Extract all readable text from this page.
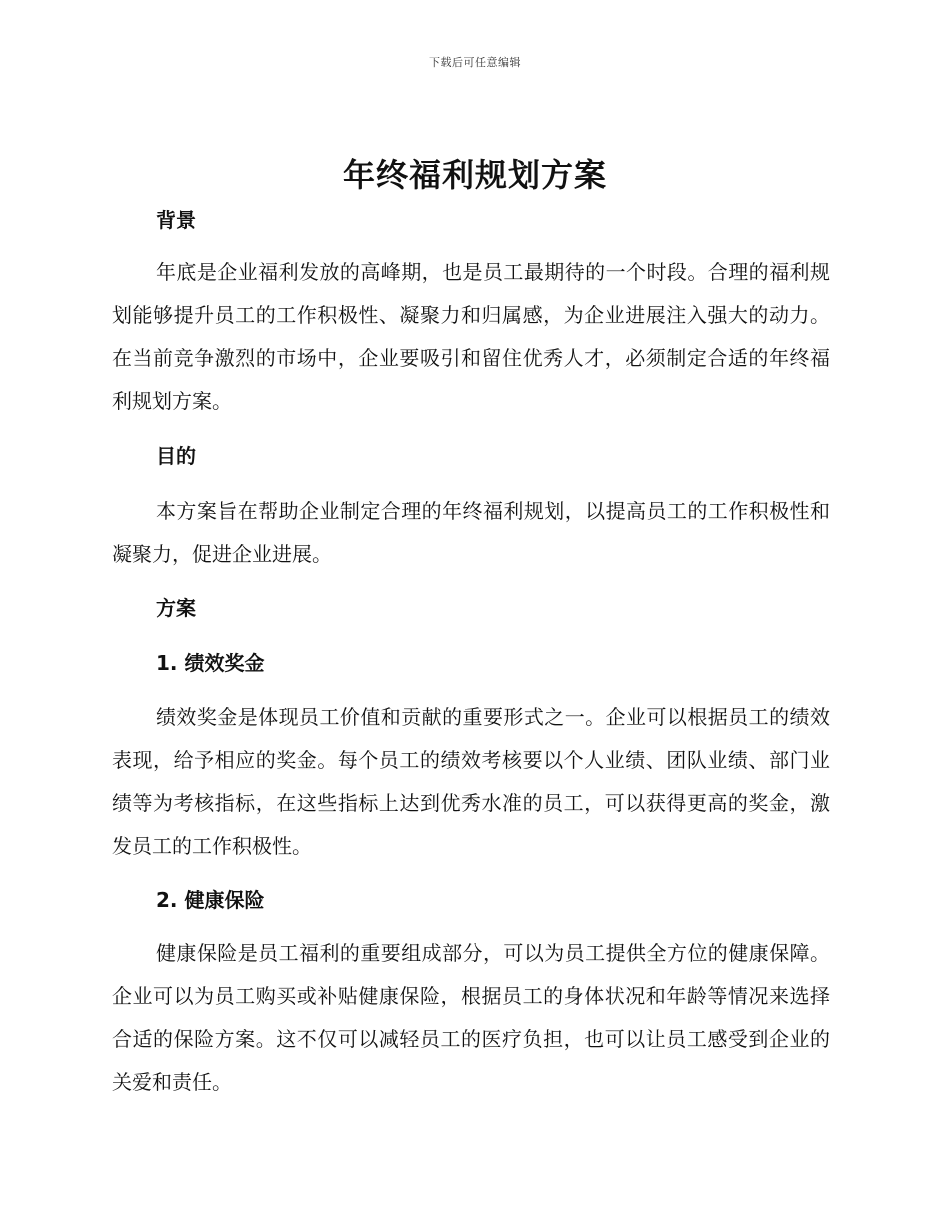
下载后可任意编辑
年终福利规划方案

背景

年底是企业福利发放的高峰期，也是员工最期待的一个时段。合理的福利规划能够提升员工的工作积极性、凝聚力和归属感，为企业进展注入强大的动力。在当前竞争激烈的市场中，企业要吸引和留住优秀人才，必须制定合适的年终福利规划方案。

目的

本方案旨在帮助企业制定合理的年终福利规划，以提高员工的工作积极性和凝聚力，促进企业进展。

方案

1. 绩效奖金

绩效奖金是体现员工价值和贡献的重要形式之一。企业可以根据员工的绩效表现，给予相应的奖金。每个员工的绩效考核要以个人业绩、团队业绩、部门业绩等为考核指标，在这些指标上达到优秀水准的员工，可以获得更高的奖金，激发员工的工作积极性。

2. 健康保险

健康保险是员工福利的重要组成部分，可以为员工提供全方位的健康保障。企业可以为员工购买或补贴健康保险，根据员工的身体状况和年龄等情况来选择合适的保险方案。这不仅可以减轻员工的医疗负担，也可以让员工感受到企业的关爱和责任。
